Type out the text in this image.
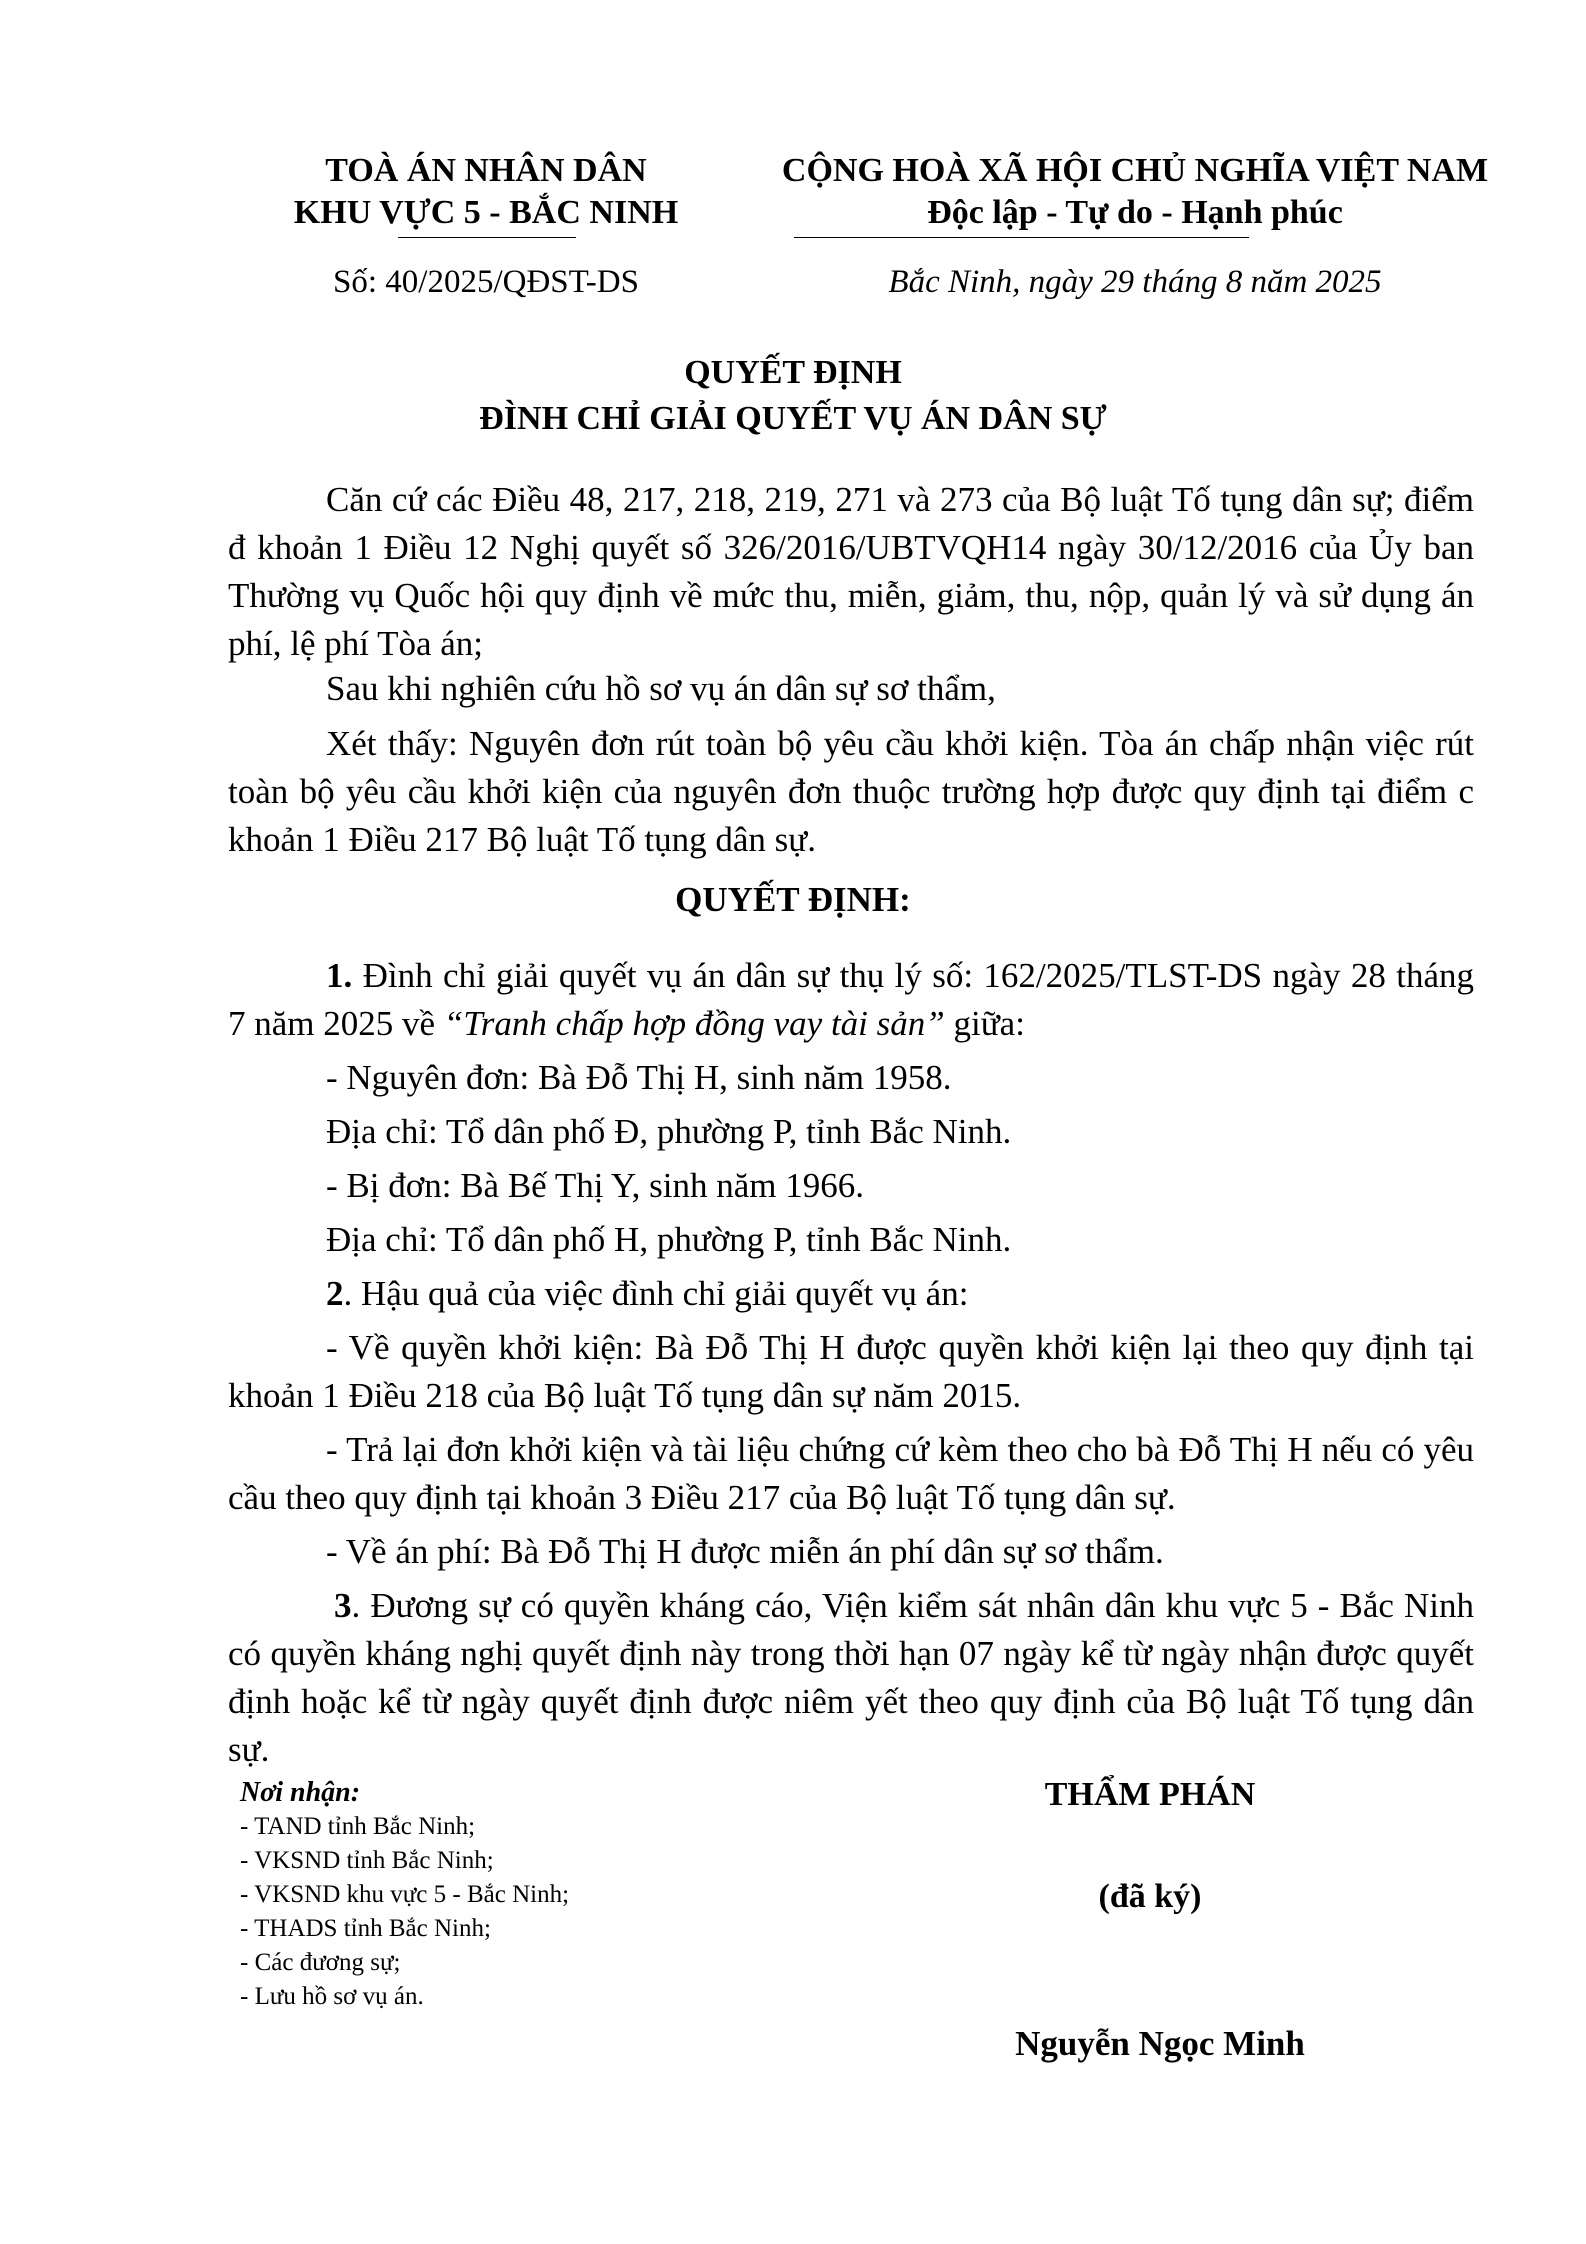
TOÀ ÁN NHÂN DÂN
KHU VỰC 5 - BẮC NINH
Số: 40/2025/QĐST-DS
CỘNG HOÀ XÃ HỘI CHỦ NGHĨA VIỆT NAM
Độc lập - Tự do - Hạnh phúc
Bắc Ninh, ngày 29 tháng 8 năm 2025
QUYẾT ĐỊNH
ĐÌNH CHỈ GIẢI QUYẾT VỤ ÁN DÂN SỰ
Căn cứ các Điều 48, 217, 218, 219, 271 và 273 của Bộ luật Tố tụng dân sự; điểm đ khoản 1 Điều 12 Nghị quyết số 326/2016/UBTVQH14 ngày 30/12/2016 của Ủy ban Thường vụ Quốc hội quy định về mức thu, miễn, giảm, thu, nộp, quản lý và sử dụng án phí, lệ phí Tòa án;
Sau khi nghiên cứu hồ sơ vụ án dân sự sơ thẩm,
Xét thấy: Nguyên đơn rút toàn bộ yêu cầu khởi kiện. Tòa án chấp nhận việc rút toàn bộ yêu cầu khởi kiện của nguyên đơn thuộc trường hợp được quy định tại điểm c khoản 1 Điều 217 Bộ luật Tố tụng dân sự.
QUYẾT ĐỊNH:
1. Đình chỉ giải quyết vụ án dân sự thụ lý số: 162/2025/TLST-DS ngày 28 tháng 7 năm 2025 về “Tranh chấp hợp đồng vay tài sản” giữa:
- Nguyên đơn: Bà Đỗ Thị H, sinh năm 1958.
Địa chỉ: Tổ dân phố Đ, phường P, tỉnh Bắc Ninh.
- Bị đơn: Bà Bế Thị Y, sinh năm 1966.
Địa chỉ: Tổ dân phố H, phường P, tỉnh Bắc Ninh.
2. Hậu quả của việc đình chỉ giải quyết vụ án:
- Về quyền khởi kiện: Bà Đỗ Thị H được quyền khởi kiện lại theo quy định tại khoản 1 Điều 218 của Bộ luật Tố tụng dân sự năm 2015.
- Trả lại đơn khởi kiện và tài liệu chứng cứ kèm theo cho bà Đỗ Thị H nếu có yêu cầu theo quy định tại khoản 3 Điều 217 của Bộ luật Tố tụng dân sự.
- Về án phí: Bà Đỗ Thị H được miễn án phí dân sự sơ thẩm.
3. Đương sự có quyền kháng cáo, Viện kiểm sát nhân dân khu vực 5 - Bắc Ninh có quyền kháng nghị quyết định này trong thời hạn 07 ngày kể từ ngày nhận được quyết định hoặc kể từ ngày quyết định được niêm yết theo quy định của Bộ luật Tố tụng dân sự.
Nơi nhận:
- TAND tỉnh Bắc Ninh;
- VKSND tỉnh Bắc Ninh;
- VKSND khu vực 5 - Bắc Ninh;
- THADS tỉnh Bắc Ninh;
- Các đương sự;
- Lưu hồ sơ vụ án.
THẨM PHÁN
(đã ký)
Nguyễn Ngọc Minh
